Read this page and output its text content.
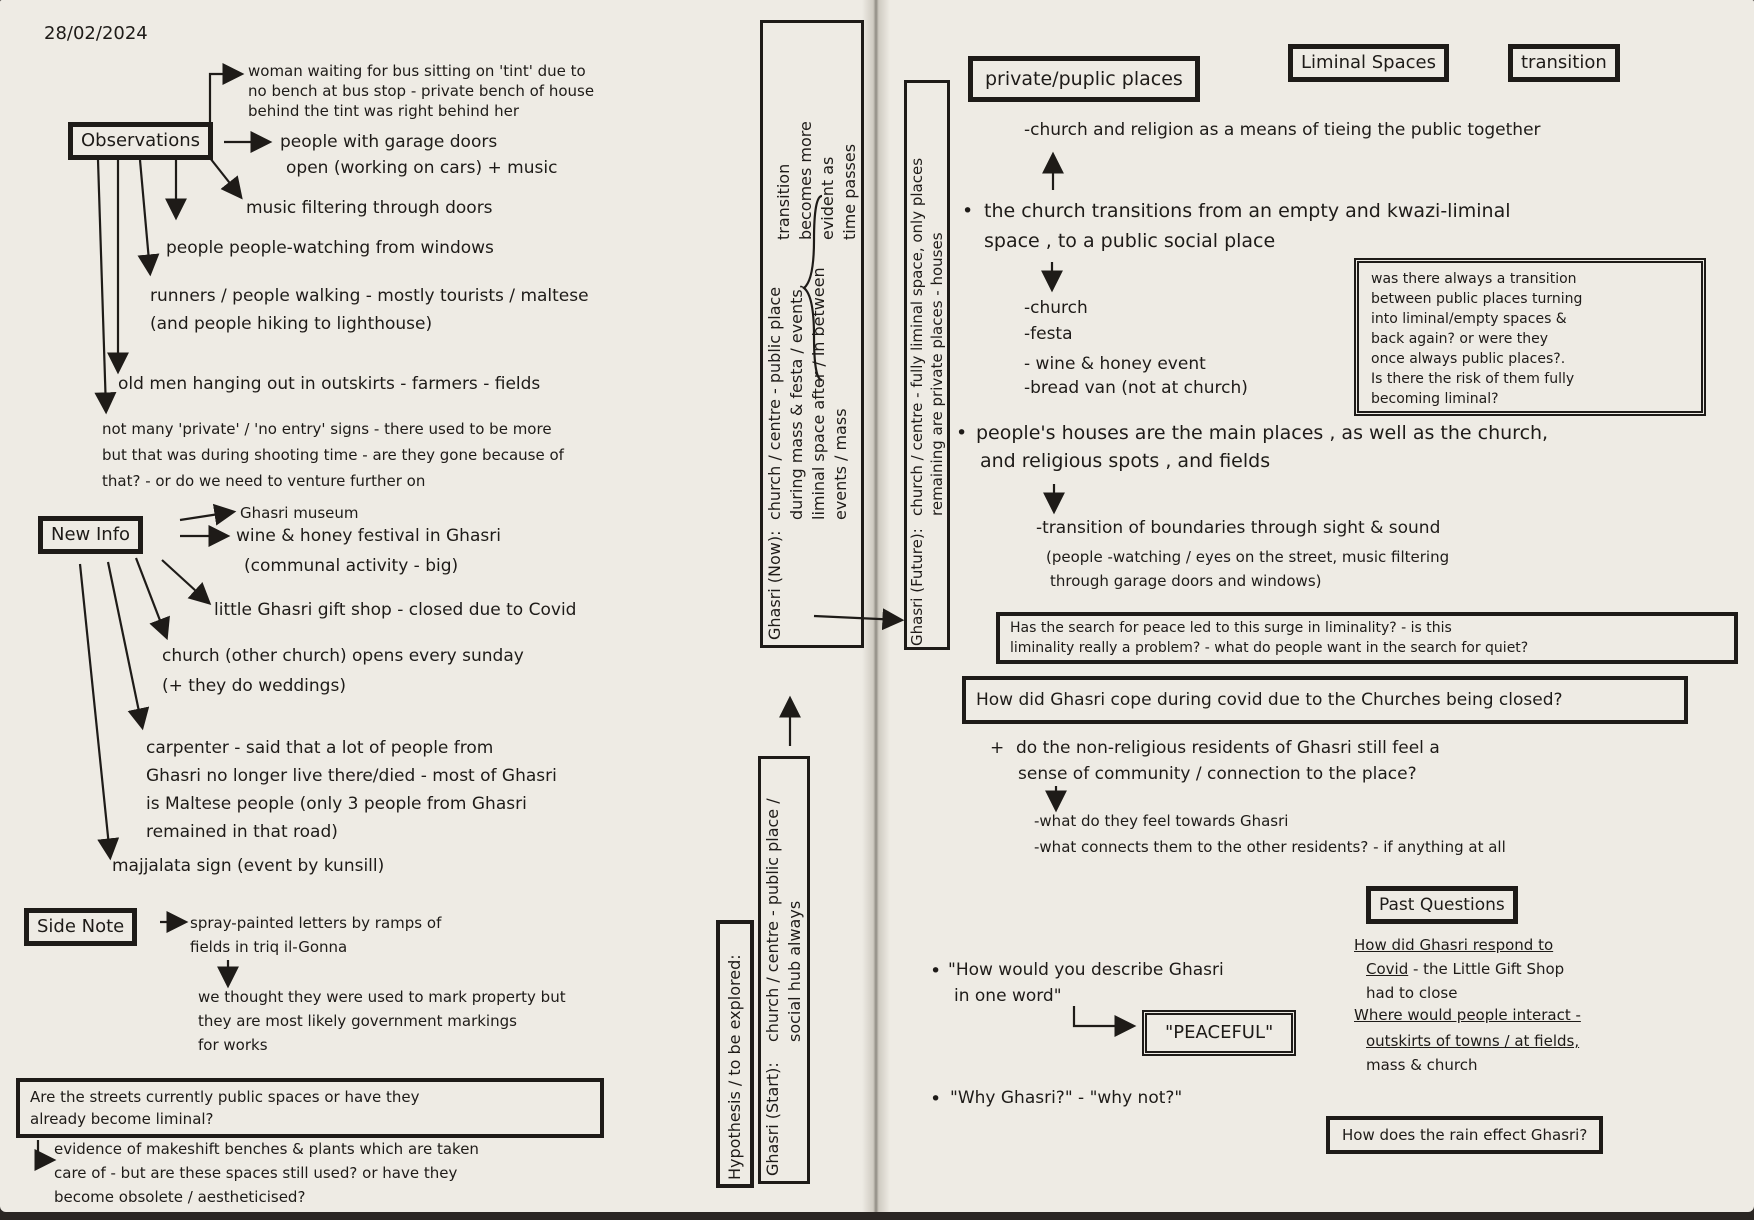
28/02/2024
woman waiting for bus sitting on 'tint' due to
no bench at bus stop - private bench of house
behind the tint was right behind her
Observations	people with garage doors
open (working on cars) + music
music filtering through doors
people people-watching from windows
runners / people walking - mostly tourists / maltese
(and people hiking to lighthouse)
old men hanging out in outskirts - farmers - fields
not many 'private' / 'no entry' signs - there used to be more
but that was during shooting time - are they gone because of
that? - or do we need to venture further on
New Info
Ghasri museum
wine & honey festival in Ghasri
(communal activity - big)
little Ghasri gift shop - closed due to Covid
church (other church) opens every sunday
(+ they do weddings)
carpenter - said that a lot of people from
Ghasri no longer live there/died - most of Ghasri
is Maltese people (only 3 people from Ghasri
remained in that road)
majjalata sign (event by kunsill)
Side Note	spray-painted letters by ramps of
fields in triq il-Gonna
we thought they were used to mark property but
they are most likely government markings
for works
Are the streets currently public spaces or have they
already become liminal?
evidence of makeshift benches & plants which are taken
care of - but are these spaces still used? or have they
become obsolete / aestheticised?
Hypothesis / to be explored: Ghasri (Start):
church / centre - public place / social hub always
Ghasri (Now):
church / centre - public place during mass & festa / events, liminal space after / in between events / mass
transition becomes more evident as time passes
Ghasri (Future):
church / centre - fully liminal space, only places remaining are private places - houses
private/puplic places
Liminal Spaces	transition
-church and religion as a means of tieing the public together
• the church transitions from an empty and kwazi-liminal
space , to a public social place
-church
-festa
- wine & honey event
-bread van (not at church)
was there always a transition
between public places turning
into liminal/empty spaces &
back again? or were they
once always public places?.
Is there the risk of them fully
becoming liminal?
• people's houses are the main places , as well as the church,
and religious spots , and fields
-transition of boundaries through sight & sound
(people -watching / eyes on the street, music filtering
through garage doors and windows)
Has the search for peace led to this surge in liminality? - is this
liminality really a problem? - what do people want in the search for quiet?
How did Ghasri cope during covid due to the Churches being closed?
+ do the non-religious residents of Ghasri still feel a
sense of community / connection to the place?
-what do they feel towards Ghasri
-what connects them to the other residents? - if anything at all
Past Questions
How did Ghasri respond to
Covid - the Little Gift Shop
had to close
Where would people interact -
outskirts of towns / at fields,
mass & church
• "How would you describe Ghasri
in one word"
"PEACEFUL"
• "Why Ghasri?" - "why not?"
How does the rain effect Ghasri?
